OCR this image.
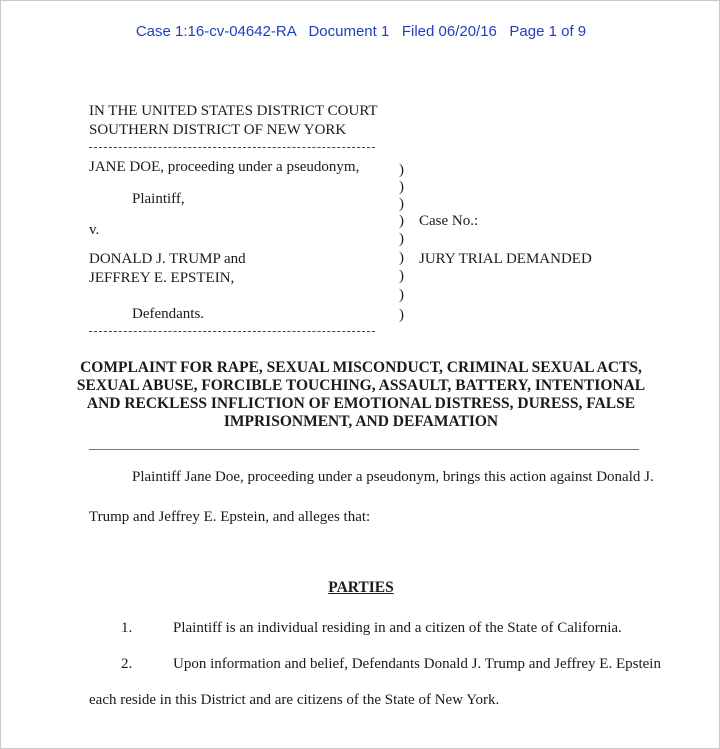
Case 1:16-cv-04642-RA Document 1 Filed 06/20/16 Page 1 of 9
IN THE UNITED STATES DISTRICT COURT
SOUTHERN DISTRICT OF NEW YORK
JANE DOE, proceeding under a pseudonym,
Plaintiff,
v.
DONALD J. TRUMP and
JEFFREY E. EPSTEIN,
Defendants.
)
)
)
)
)
)
)
)
)
Case No.:
JURY TRIAL DEMANDED
COMPLAINT FOR RAPE, SEXUAL MISCONDUCT, CRIMINAL SEXUAL ACTS, SEXUAL ABUSE, FORCIBLE TOUCHING, ASSAULT, BATTERY, INTENTIONAL AND RECKLESS INFLICTION OF EMOTIONAL DISTRESS, DURESS, FALSE IMPRISONMENT, AND DEFAMATION
Plaintiff Jane Doe, proceeding under a pseudonym, brings this action against Donald J.
Trump and Jeffrey E. Epstein, and alleges that:
PARTIES
1.	Plaintiff is an individual residing in and a citizen of the State of California.
2.	Upon information and belief, Defendants Donald J. Trump and Jeffrey E. Epstein
each reside in this District and are citizens of the State of New York.
